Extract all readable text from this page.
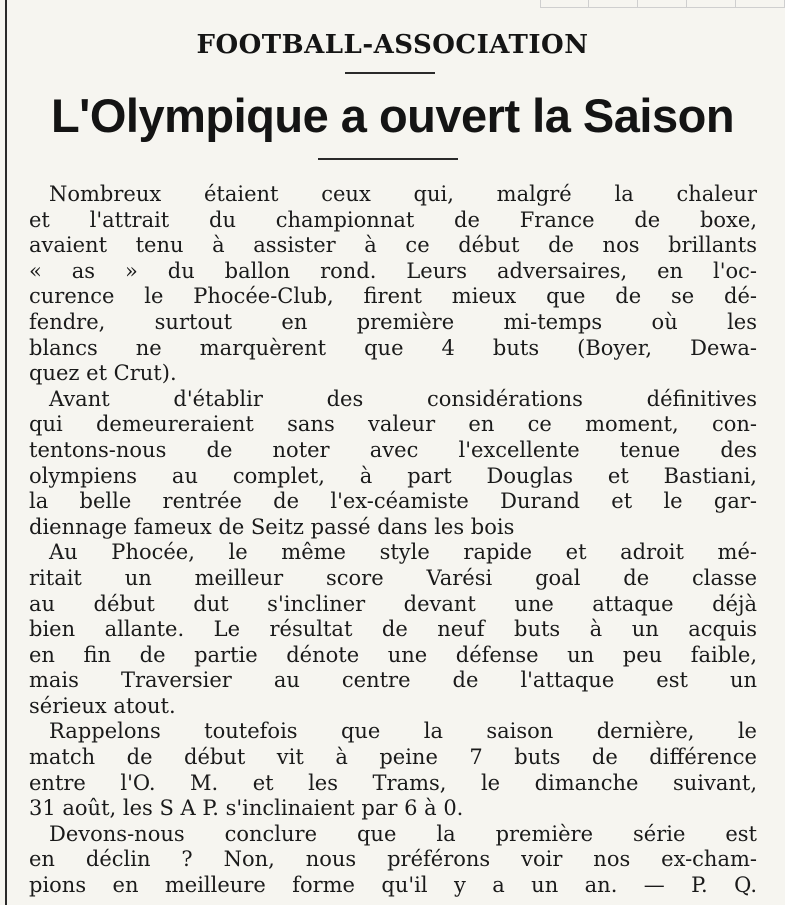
FOOTBALL-ASSOCIATION
L'Olympique a ouvert la Saison
Nombreux étaient ceux qui, malgré la chaleur
et l'attrait du championnat de France de boxe,
avaient tenu à assister à ce début de nos brillants
« as » du ballon rond. Leurs adversaires, en l'oc-
curence le Phocée-Club, firent mieux que de se dé-
fendre, surtout en première mi-temps où les
blancs ne marquèrent que 4 buts (Boyer, Dewa-
quez et Crut).
Avant d'établir des considérations définitives
qui demeureraient sans valeur en ce moment, con-
tentons-nous de noter avec l'excellente tenue des
olympiens au complet, à part Douglas et Bastiani,
la belle rentrée de l'ex-céamiste Durand et le gar-
diennage fameux de Seitz passé dans les bois
Au Phocée, le même style rapide et adroit mé-
ritait un meilleur score Varési goal de classe
au début dut s'incliner devant une attaque déjà
bien allante. Le résultat de neuf buts à un acquis
en fin de partie dénote une défense un peu faible,
mais Traversier au centre de l'attaque est un
sérieux atout.
Rappelons toutefois que la saison dernière, le
match de début vit à peine 7 buts de différence
entre l'O. M. et les Trams, le dimanche suivant,
31 août, les S A P. s'inclinaient par 6 à 0.
Devons-nous conclure que la première série est
en déclin ? Non, nous préférons voir nos ex-cham-
pions en meilleure forme qu'il y a un an. — P. Q.
